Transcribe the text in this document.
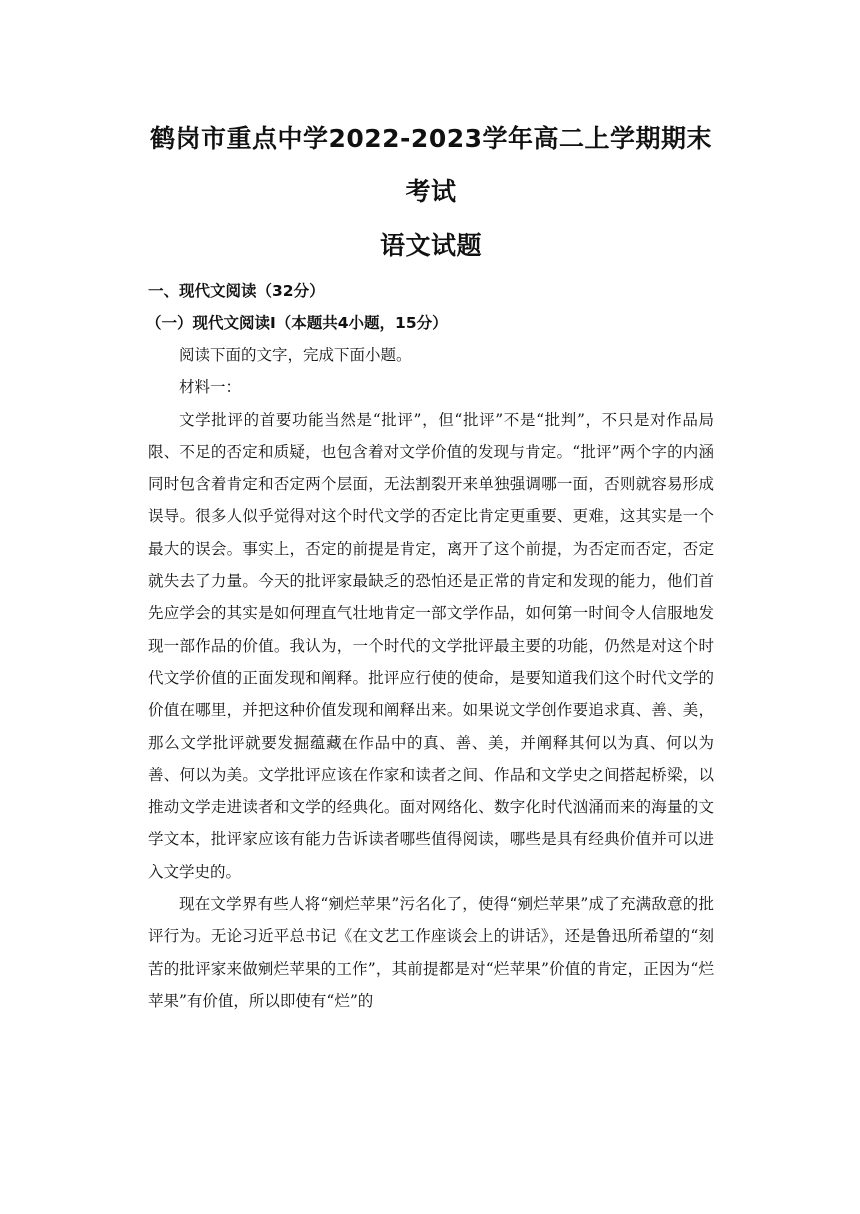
鹤岗市重点中学2022-2023学年高二上学期期末
考试
语文试题
一、现代文阅读（32分）
（一）现代文阅读Ⅰ（本题共4小题，15分）

阅读下面的文字，完成下面小题。

材料一：

文学批评的首要功能当然是“批评”，但“批评”不是“批判”，不只是对作品局限、不足的否定和质疑，也包含着对文学价值的发现与肯定。“批评”两个字的内涵同时包含着肯定和否定两个层面，无法割裂开来单独强调哪一面，否则就容易形成误导。很多人似乎觉得对这个时代文学的否定比肯定更重要、更难，这其实是一个最大的误会。事实上，否定的前提是肯定，离开了这个前提，为否定而否定，否定就失去了力量。今天的批评家最缺乏的恐怕还是正常的肯定和发现的能力，他们首先应学会的其实是如何理直气壮地肯定一部文学作品，如何第一时间令人信服地发现一部作品的价值。我认为，一个时代的文学批评最主要的功能，仍然是对这个时代文学价值的正面发现和阐释。批评应行使的使命，是要知道我们这个时代文学的价值在哪里，并把这种价值发现和阐释出来。如果说文学创作要追求真、善、美，那么文学批评就要发掘蕴藏在作品中的真、善、美，并阐释其何以为真、何以为善、何以为美。文学批评应该在作家和读者之间、作品和文学史之间搭起桥梁，以推动文学走进读者和文学的经典化。面对网络化、数字化时代汹涌而来的海量的文学文本，批评家应该有能力告诉读者哪些值得阅读，哪些是具有经典价值并可以进入文学史的。

现在文学界有些人将“剜烂苹果”污名化了，使得“剜烂苹果”成了充满敌意的批评行为。无论习近平总书记《在文艺工作座谈会上的讲话》，还是鲁迅所希望的“刻苦的批评家来做剜烂苹果的工作”，其前提都是对“烂苹果”价值的肯定，正因为“烂苹果”有价值，所以即使有“烂”的
